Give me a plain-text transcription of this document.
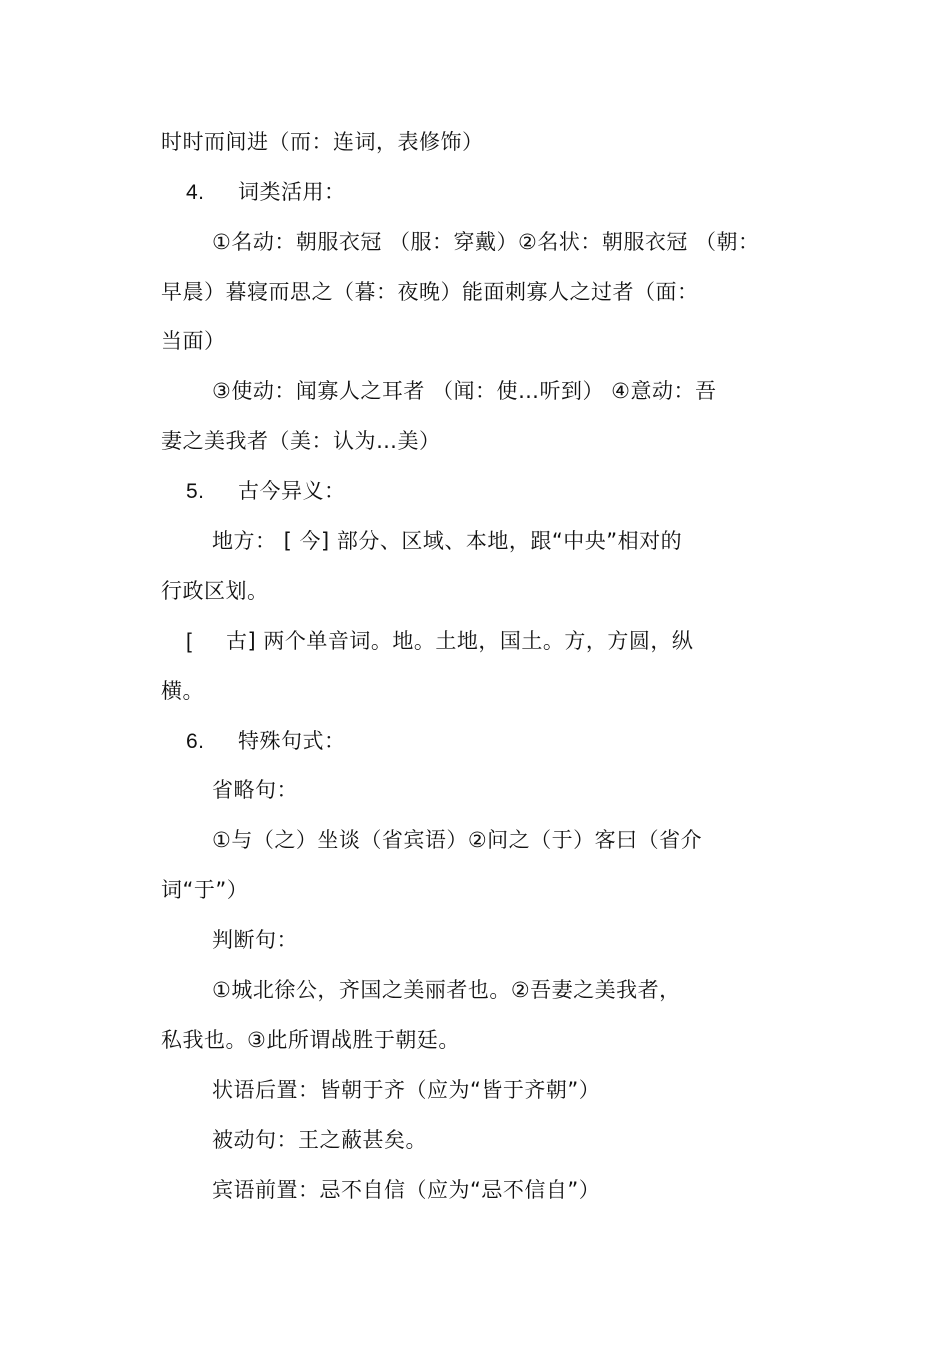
时时而间进（而：连词，表修饰）
4. 词类活用：
①名动：朝服衣冠 （服：穿戴）②名状：朝服衣冠 （朝：
早晨）暮寝而思之（暮：夜晚）能面刺寡人之过者（面：
当面）
③使动：闻寡人之耳者 （闻：使…听到） ④意动：吾
妻之美我者（美：认为…美）
5. 古今异义：
地方： [ 今] 部分、区域、本地，跟“中央”相对的
行政区划。
[ 古] 两个单音词。地。土地，国土。方，方圆，纵
横。
6. 特殊句式：
省略句：
①与（之）坐谈（省宾语）②问之（于）客曰（省介
词“于”）
判断句：
①城北徐公，齐国之美丽者也。②吾妻之美我者，
私我也。③此所谓战胜于朝廷。
状语后置：皆朝于齐（应为“皆于齐朝”）
被动句：王之蔽甚矣。
宾语前置：忌不自信（应为“忌不信自”）
